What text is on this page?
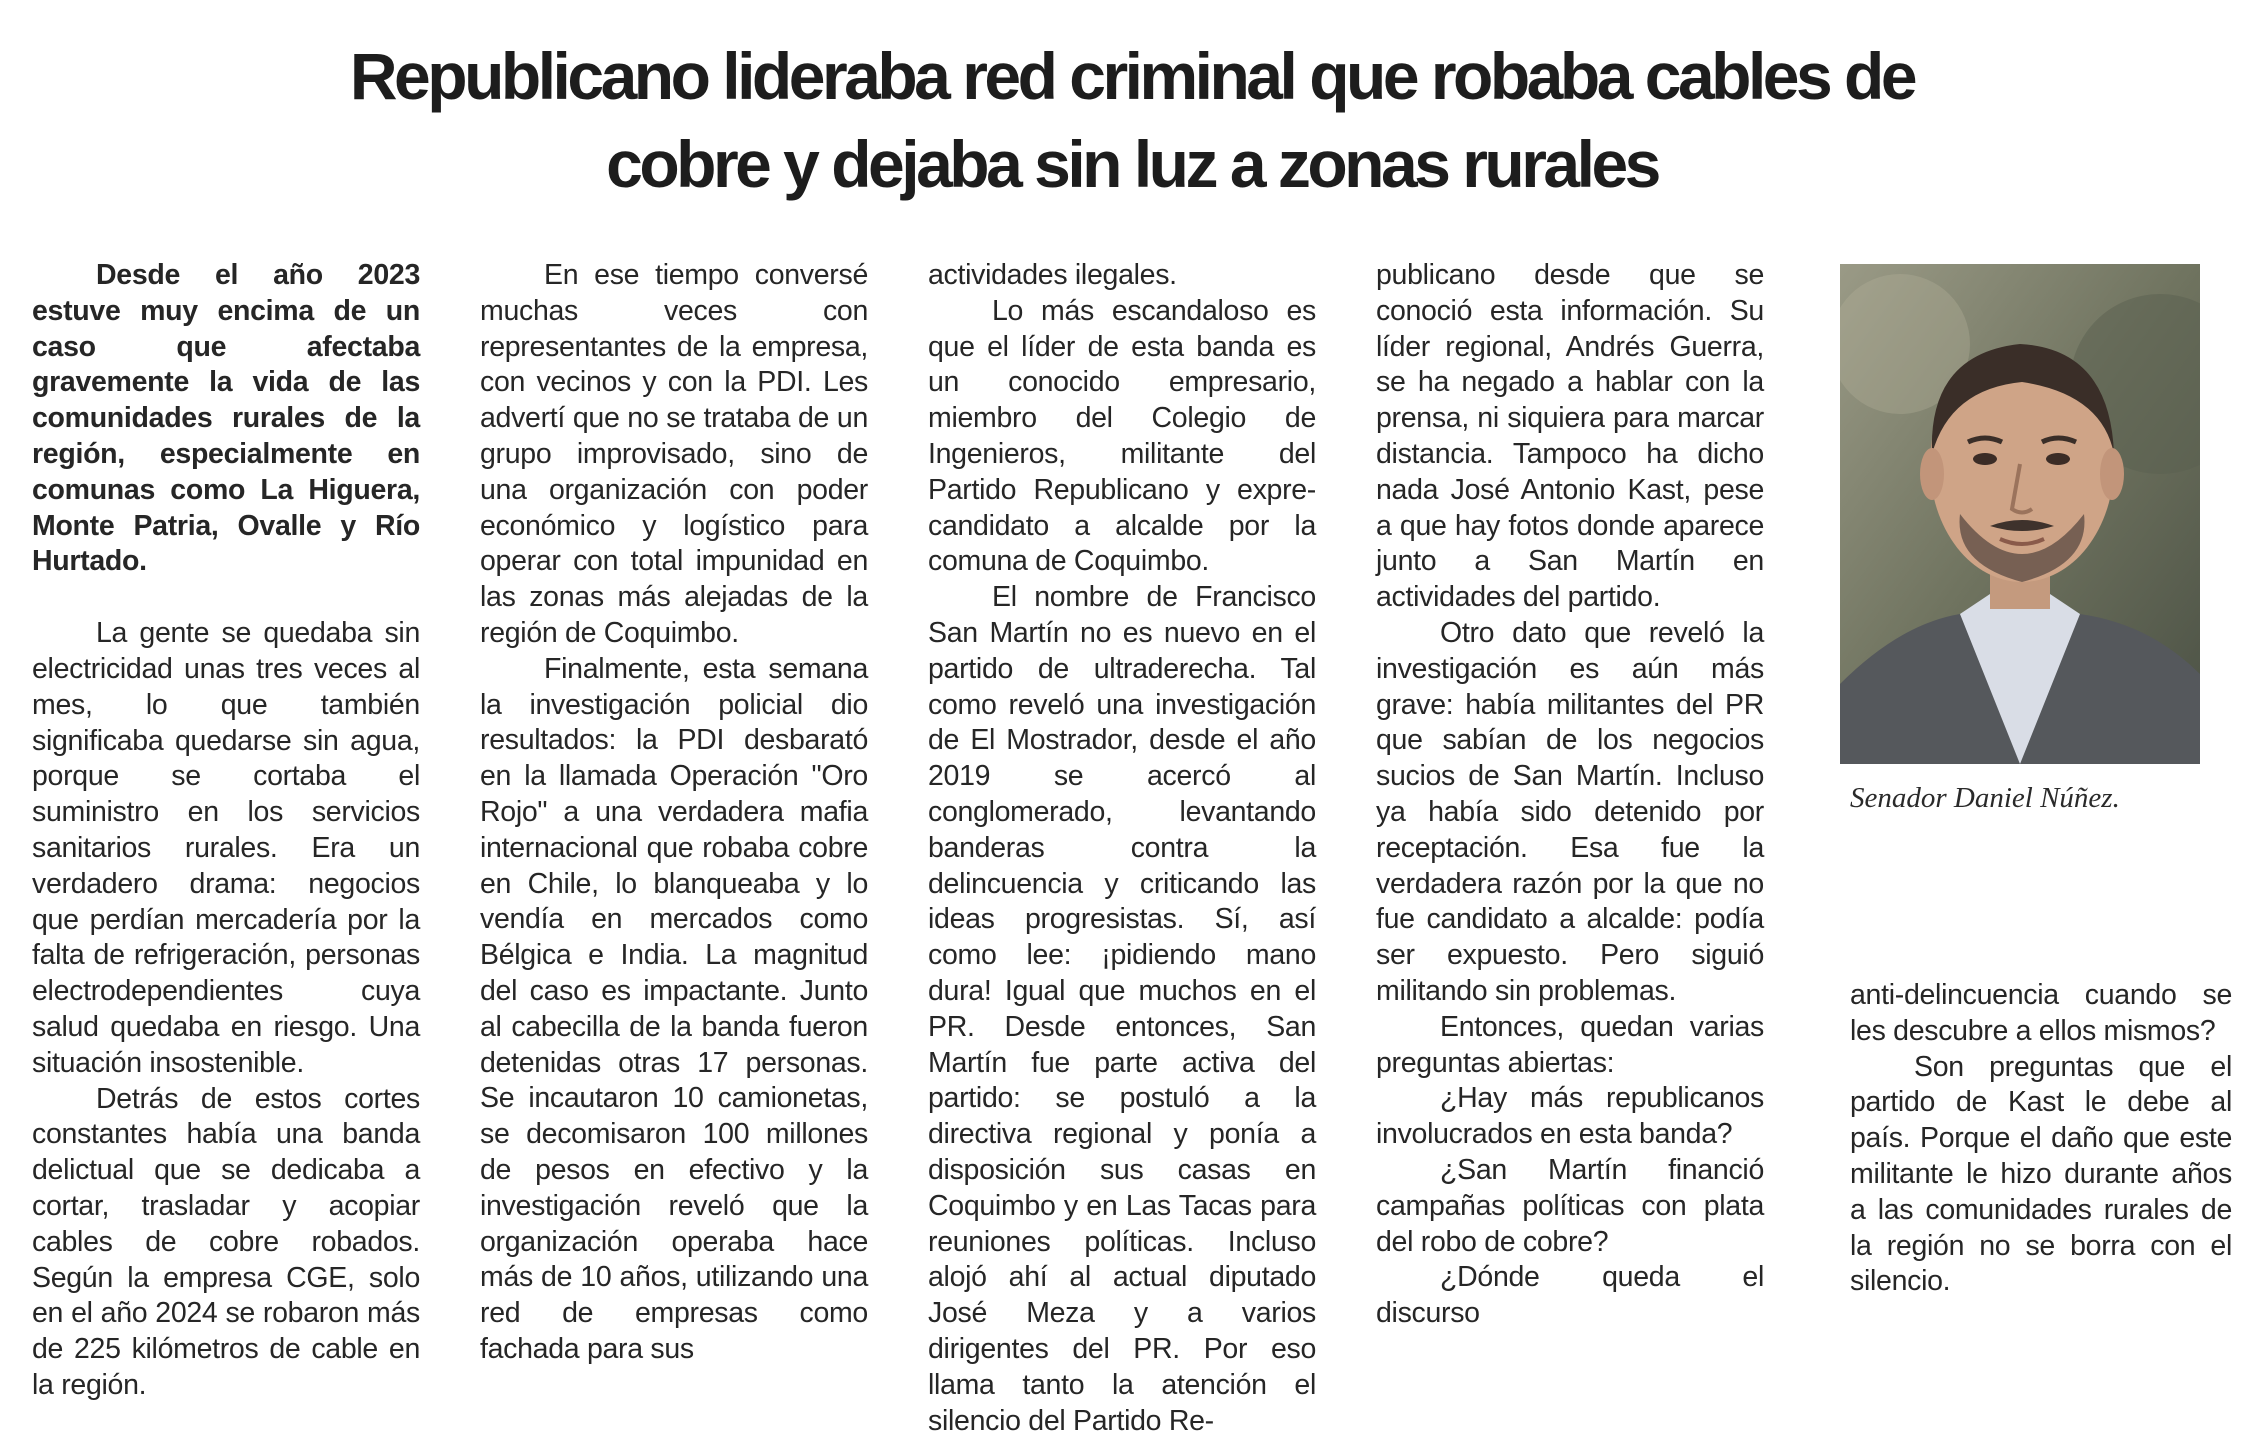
Republicano lideraba red criminal que robaba cables de
cobre y dejaba sin luz a zonas rurales

Desde el año 2023 estuve muy encima de un caso que afectaba gravemente la vida de las comunidades rurales de la región, especialmente en comunas como La Higuera, Monte Patria, Ovalle y Río Hurtado.

La gente se quedaba sin electricidad unas tres veces al mes, lo que también significaba quedarse sin agua, porque se cortaba el suministro en los servicios sanitarios rurales. Era un verdadero drama: negocios que perdían mercadería por la falta de refrigeración, personas electrodependientes cuya salud quedaba en riesgo. Una situación insostenible.

Detrás de estos cortes constantes había una banda delictual que se dedicaba a cortar, trasladar y acopiar cables de cobre robados. Según la empresa CGE, solo en el año 2024 se robaron más de 225 kilómetros de cable en la región.

En ese tiempo conversé muchas veces con representantes de la empresa, con vecinos y con la PDI. Les advertí que no se trataba de un grupo improvisado, sino de una organización con poder económico y logístico para operar con total impunidad en las zonas más alejadas de la región de Coquimbo.

Finalmente, esta semana la investigación policial dio resultados: la PDI desbarató en la llamada Operación "Oro Rojo" a una verdadera mafia internacional que robaba cobre en Chile, lo blanqueaba y lo vendía en mercados como Bélgica e India. La magnitud del caso es impactante. Junto al cabecilla de la banda fueron detenidas otras 17 personas. Se incautaron 10 camionetas, se decomisaron 100 millones de pesos en efectivo y la investigación reveló que la organización operaba hace más de 10 años, utilizando una red de empresas como fachada para sus

actividades ilegales.

Lo más escandaloso es que el líder de esta banda es un conocido empresario, miembro del Colegio de Ingenieros, militante del Partido Republicano y expre-candidato a alcalde por la comuna de Coquimbo.

El nombre de Francisco San Martín no es nuevo en el partido de ultraderecha. Tal como reveló una investigación de El Mostrador, desde el año 2019 se acercó al conglomerado, levantando banderas contra la delincuencia y criticando las ideas progresistas. Sí, así como lee: ¡pidiendo mano dura! Igual que muchos en el PR. Desde entonces, San Martín fue parte activa del partido: se postuló a la directiva regional y ponía a disposición sus casas en Coquimbo y en Las Tacas para reuniones políticas. Incluso alojó ahí al actual diputado José Meza y a varios dirigentes del PR. Por eso llama tanto la atención el silencio del Partido Re-

publicano desde que se conoció esta información. Su líder regional, Andrés Guerra, se ha negado a hablar con la prensa, ni siquiera para marcar distancia. Tampoco ha dicho nada José Antonio Kast, pese a que hay fotos donde aparece junto a San Martín en actividades del partido.

Otro dato que reveló la investigación es aún más grave: había militantes del PR que sabían de los negocios sucios de San Martín. Incluso ya había sido detenido por receptación. Esa fue la verdadera razón por la que no fue candidato a alcalde: podía ser expuesto. Pero siguió militando sin problemas.

Entonces, quedan varias preguntas abiertas:

¿Hay más republicanos involucrados en esta banda?

¿San Martín financió campañas políticas con plata del robo de cobre?

¿Dónde queda el discurso

Senador Daniel Núñez.

anti-delincuencia cuando se les descubre a ellos mismos?

Son preguntas que el partido de Kast le debe al país. Porque el daño que este militante le hizo durante años a las comunidades rurales de la región no se borra con el silencio.
